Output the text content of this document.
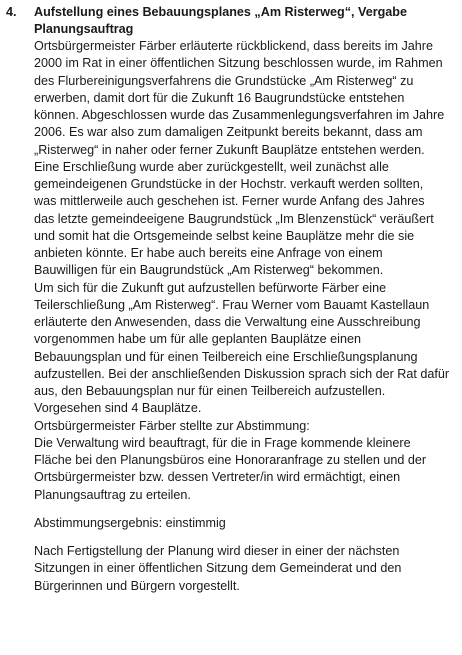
4.	Aufstellung eines Bebauungsplanes „Am Risterweg“, Vergabe
Planungsauftrag
Ortsbürgermeister Färber erläuterte rückblickend, dass bereits im Jahre
2000 im Rat in einer öffentlichen Sitzung beschlossen wurde, im Rahmen
des Flurbereinigungsverfahrens die Grundstücke „Am Risterweg“ zu
erwerben, damit dort für die Zukunft 16 Baugrundstücke entstehen
können. Abgeschlossen wurde das Zusammenlegungsverfahren im Jahre
2006. Es war also zum damaligen Zeitpunkt bereits bekannt, dass am
„Risterweg“ in naher oder ferner Zukunft Bauplätze entstehen werden.
Eine Erschließung wurde aber zurückgestellt, weil zunächst alle
gemeindeigenen Grundstücke in der Hochstr. verkauft werden sollten,
was mittlerweile auch geschehen ist. Ferner wurde Anfang des Jahres
das letzte gemeindeeigene Baugrundstück „Im Blenzenstück“ veräußert
und somit hat die Ortsgemeinde selbst keine Bauplätze mehr die sie
anbieten könnte. Er habe auch bereits eine Anfrage von einem
Bauwilligen für ein Baugrundstück „Am Risterweg“ bekommen.
Um sich für die Zukunft gut aufzustellen befürworte Färber eine
Teilerschließung „Am Risterweg“. Frau Werner vom Bauamt Kastellaun
erläuterte den Anwesenden, dass die Verwaltung eine Ausschreibung
vorgenommen habe um für alle geplanten Bauplätze einen
Bebauungsplan und für einen Teilbereich eine Erschließungsplanung
aufzustellen. Bei der anschließenden Diskussion sprach sich der Rat dafür
aus, den Bebauungsplan nur für einen Teilbereich aufzustellen.
Vorgesehen sind 4 Bauplätze.
Ortsbürgermeister Färber stellte zur Abstimmung:
Die Verwaltung wird beauftragt, für die in Frage kommende kleinere
Fläche bei den Planungsbüros eine Honoraranfrage zu stellen und der
Ortsbürgermeister bzw. dessen Vertreter/in wird ermächtigt, einen
Planungsauftrag zu erteilen.
Abstimmungsergebnis: einstimmig
Nach Fertigstellung der Planung wird dieser in einer der nächsten
Sitzungen in einer öffentlichen Sitzung dem Gemeinderat und den
Bürgerinnen und Bürgern vorgestellt.
